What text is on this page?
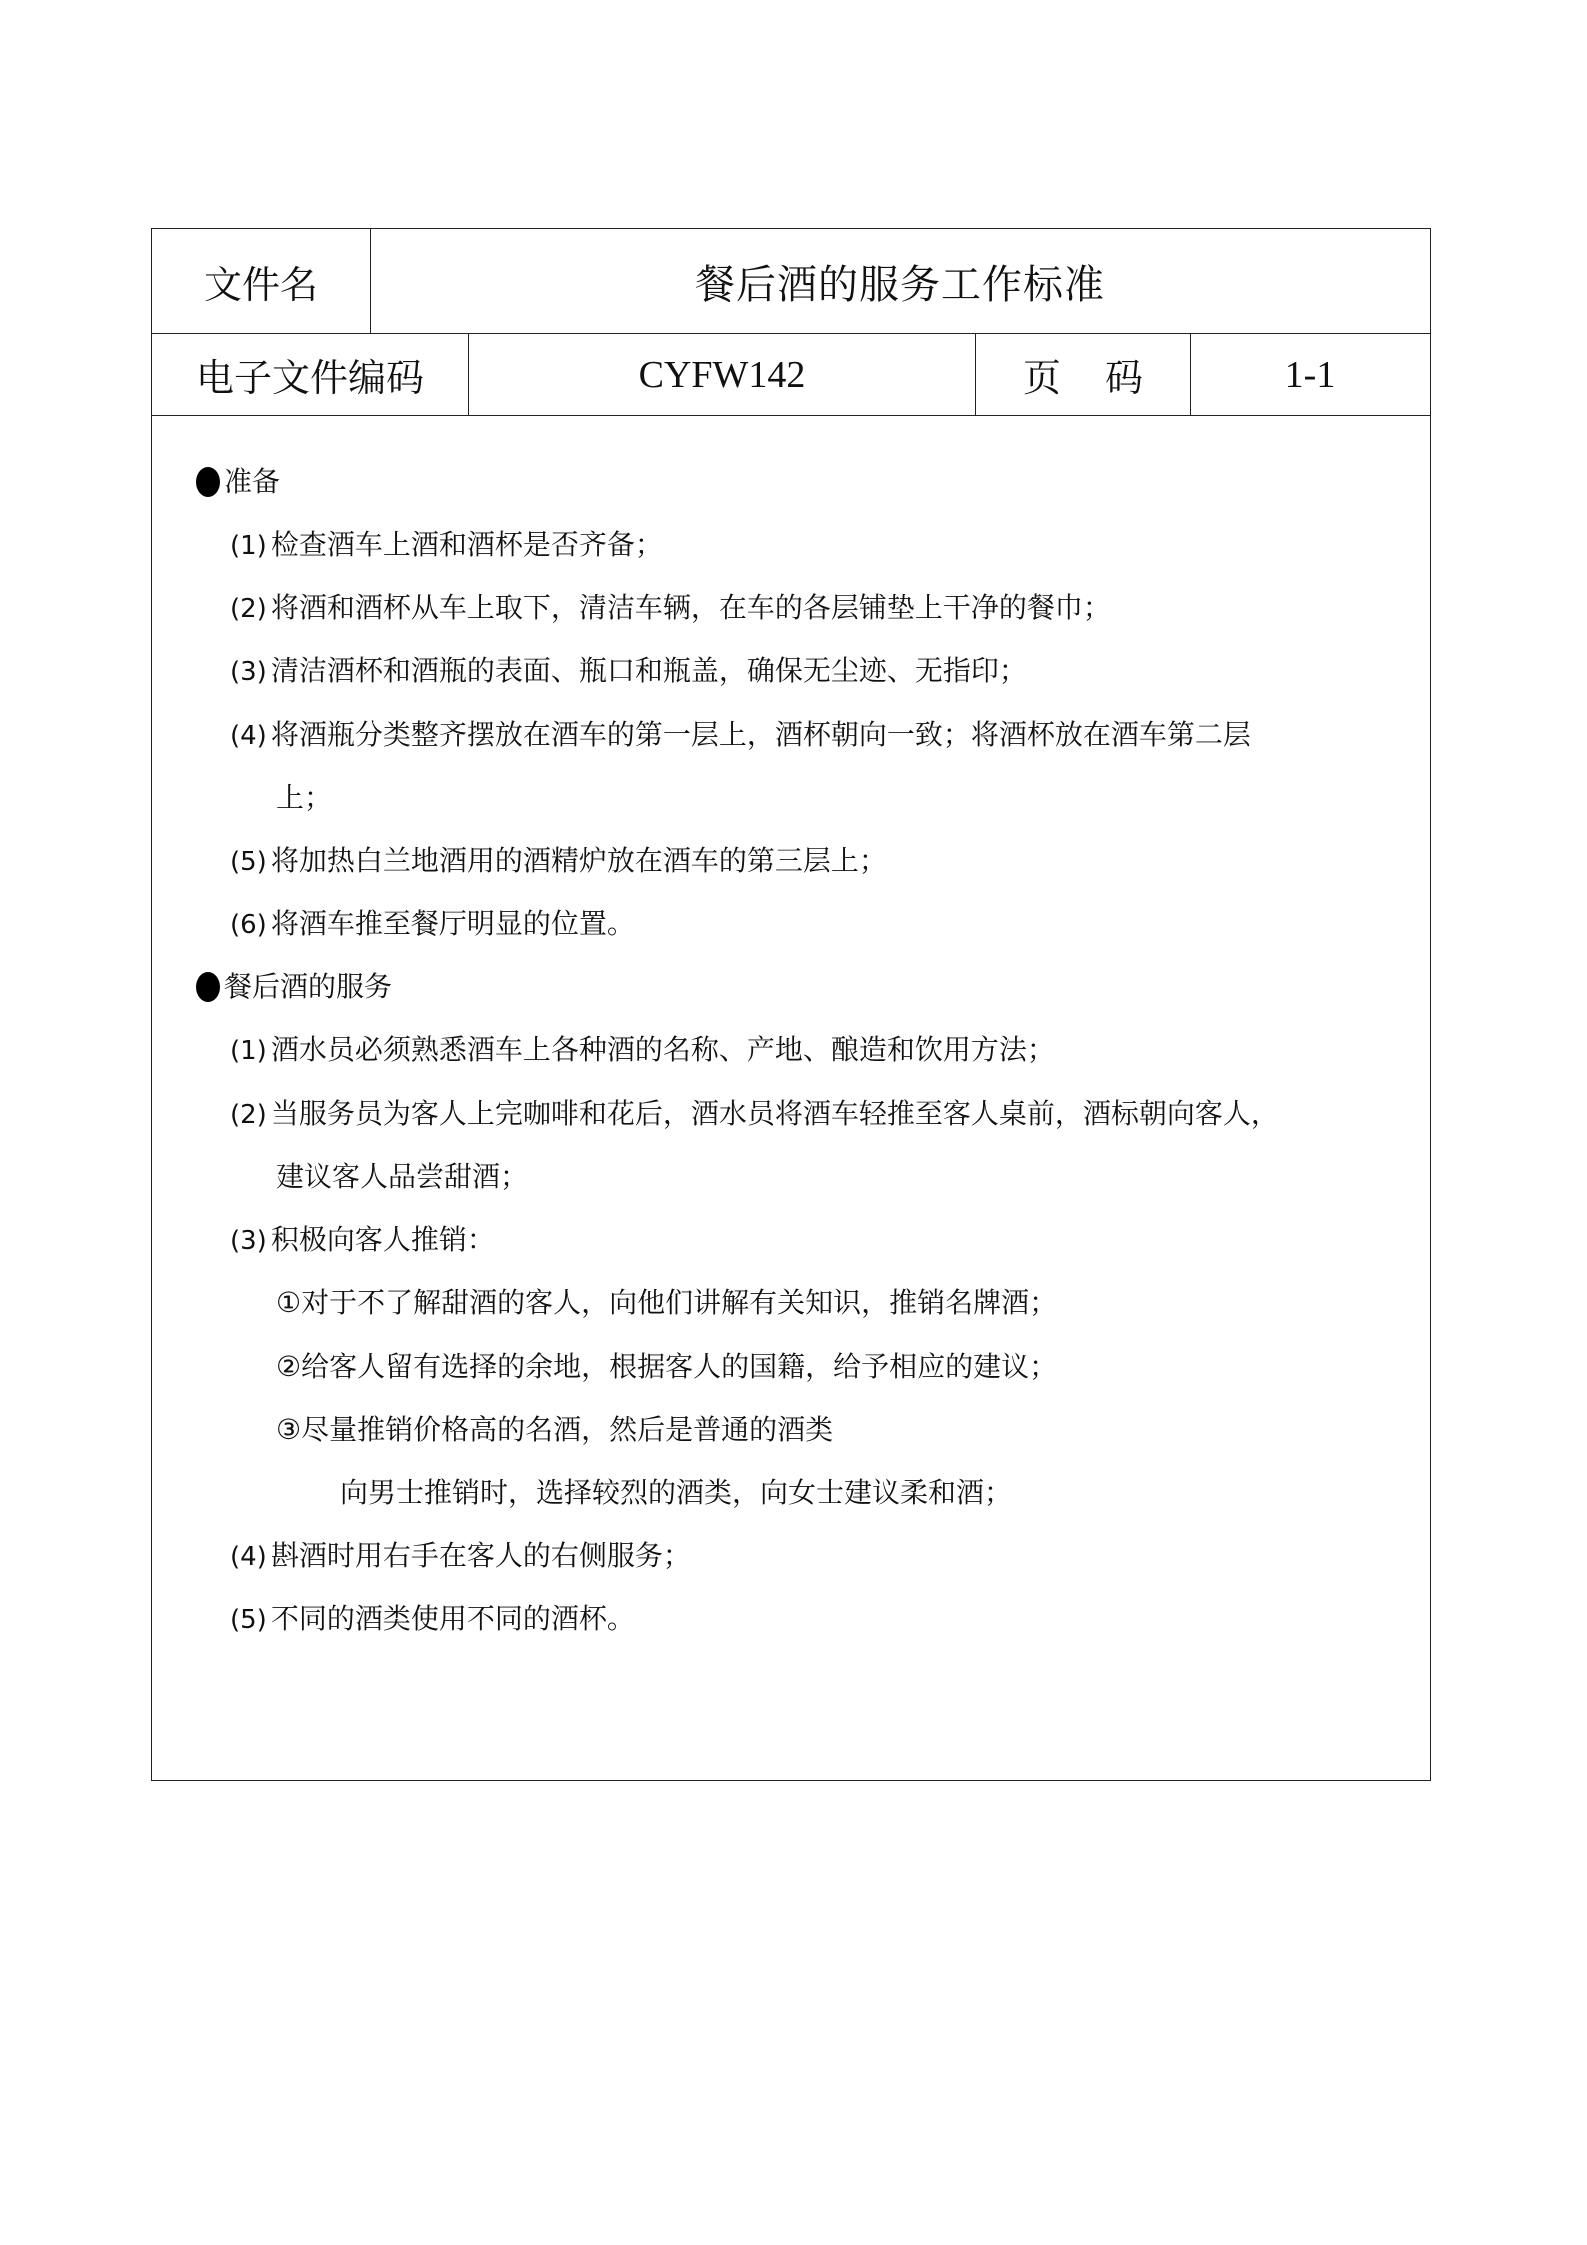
文件名	餐后酒的服务工作标准
电子文件编码	CYFW142	页码	1-1
准备
(1) 检查酒车上酒和酒杯是否齐备；
(2) 将酒和酒杯从车上取下，清洁车辆，在车的各层铺垫上干净的餐巾；
(3) 清洁酒杯和酒瓶的表面、瓶口和瓶盖，确保无尘迹、无指印；
(4) 将酒瓶分类整齐摆放在酒车的第一层上，酒杯朝向一致；将酒杯放在酒车第二层
上；
(5) 将加热白兰地酒用的酒精炉放在酒车的第三层上；
(6) 将酒车推至餐厅明显的位置。
餐后酒的服务
(1) 酒水员必须熟悉酒车上各种酒的名称、产地、酿造和饮用方法；
(2) 当服务员为客人上完咖啡和花后，酒水员将酒车轻推至客人桌前，酒标朝向客人，
建议客人品尝甜酒；
(3) 积极向客人推销：
①对于不了解甜酒的客人，向他们讲解有关知识，推销名牌酒；
②给客人留有选择的余地，根据客人的国籍，给予相应的建议；
③尽量推销价格高的名酒，然后是普通的酒类
向男士推销时，选择较烈的酒类，向女士建议柔和酒；
(4) 斟酒时用右手在客人的右侧服务；
(5) 不同的酒类使用不同的酒杯。
